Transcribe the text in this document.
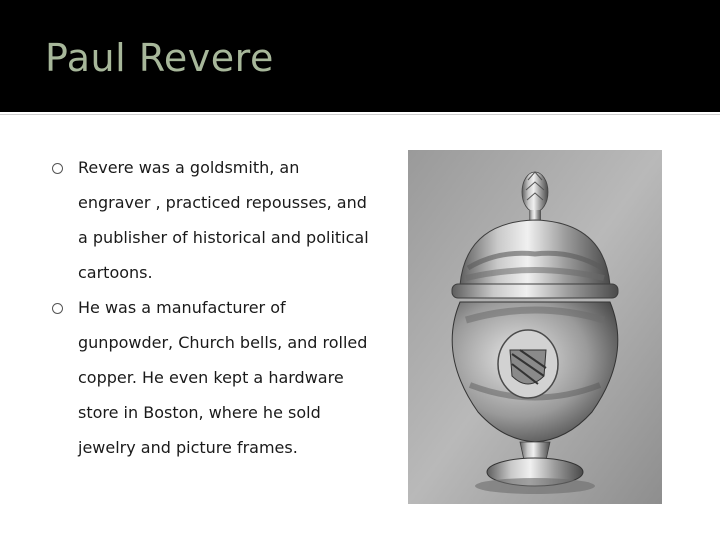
Paul Revere
Revere was a goldsmith, an engraver , practiced repousses, and a publisher of historical and political cartoons.
He was a manufacturer of gunpowder, Church bells, and rolled copper. He even kept a hardware store in Boston, where he sold jewelry and picture frames.
